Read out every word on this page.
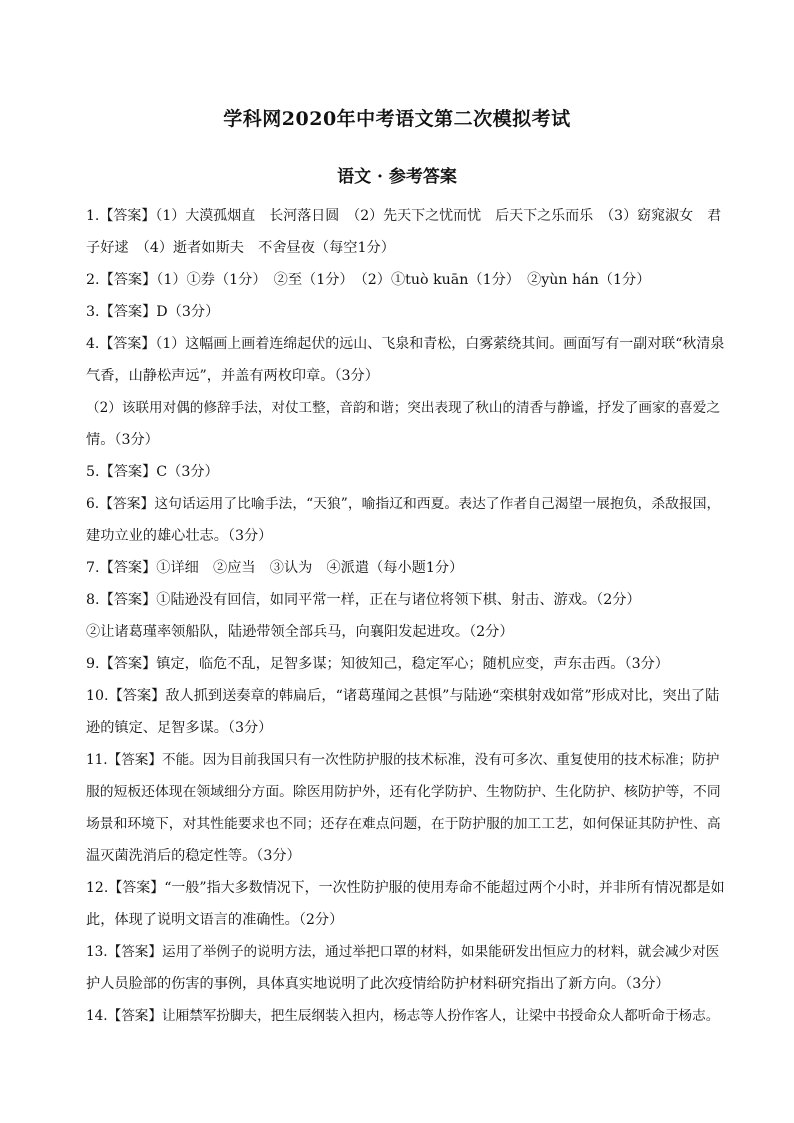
学科网2020年中考语文第二次模拟考试
语文 · 参考答案
1.【答案】（1）大漠孤烟直　长河落日圆　（2）先天下之忧而忧　后天下之乐而乐　（3）窈窕淑女　君
子好逑　（4）逝者如斯夫　不舍昼夜（每空1分）
2.【答案】（1）①券（1分）　②至（1分）　（2）①tuò kuān（1分）　②yùn hán（1分）
3.【答案】D（3分）
4.【答案】（1）这幅画上画着连绵起伏的远山、飞泉和青松，白雾萦绕其间。画面写有一副对联“秋清泉
气香，山静松声远”，并盖有两枚印章。（3分）
（2）该联用对偶的修辞手法，对仗工整，音韵和谐；突出表现了秋山的清香与静谧，抒发了画家的喜爱之
情。（3分）
5.【答案】C（3分）
6.【答案】这句话运用了比喻手法，“天狼”，喻指辽和西夏。表达了作者自己渴望一展抱负，杀敌报国，
建功立业的雄心壮志。（3分）
7.【答案】①详细　②应当　③认为　④派遣（每小题1分）
8.【答案】①陆逊没有回信，如同平常一样，正在与诸位将领下棋、射击、游戏。（2分）
②让诸葛瑾率领船队，陆逊带领全部兵马，向襄阳发起进攻。（2分）
9.【答案】镇定，临危不乱，足智多谋；知彼知己，稳定军心；随机应变，声东击西。（3分）
10.【答案】敌人抓到送奏章的韩扁后，“诸葛瑾闻之甚惧”与陆逊“栾棋射戏如常”形成对比，突出了陆
逊的镇定、足智多谋。（3分）
11.【答案】不能。因为目前我国只有一次性防护服的技术标准，没有可多次、重复使用的技术标准；防护
服的短板还体现在领域细分方面。除医用防护外，还有化学防护、生物防护、生化防护、核防护等，不同
场景和环境下，对其性能要求也不同；还存在难点问题，在于防护服的加工工艺，如何保证其防护性、高
温灭菌洗消后的稳定性等。（3分）
12.【答案】“一般”指大多数情况下，一次性防护服的使用寿命不能超过两个小时，并非所有情况都是如
此，体现了说明文语言的准确性。（2分）
13.【答案】运用了举例子的说明方法，通过举把口罩的材料，如果能研发出恒应力的材料，就会减少对医
护人员脸部的伤害的事例，具体真实地说明了此次疫情给防护材料研究指出了新方向。（3分）
14.【答案】让厢禁军扮脚夫，把生辰纲装入担内，杨志等人扮作客人，让梁中书授命众人都听命于杨志。
